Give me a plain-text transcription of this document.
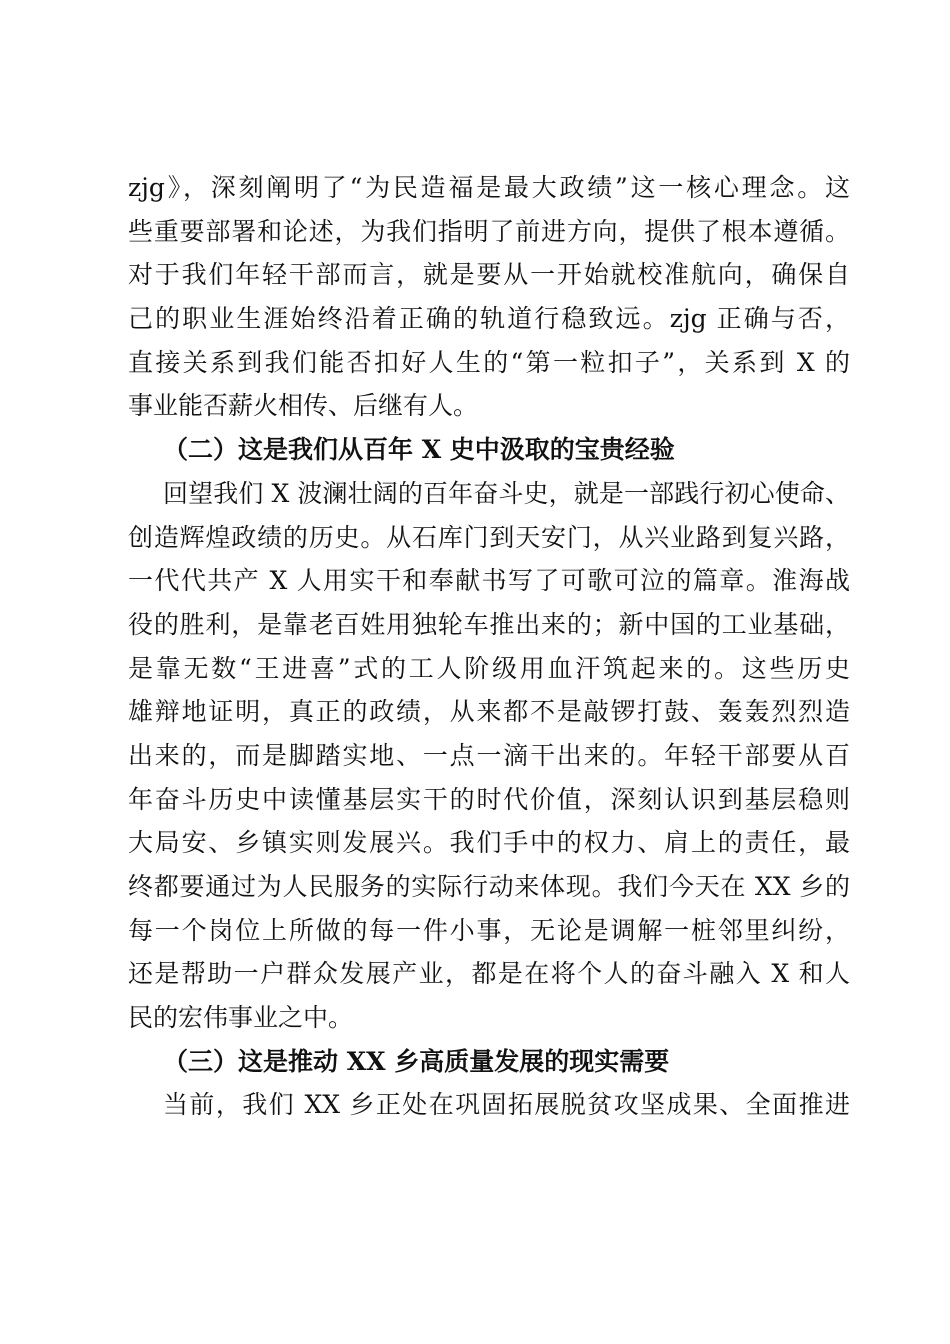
zjg》，深刻阐明了“为民造福是最大政绩”这一核心理念。这
些重要部署和论述，为我们指明了前进方向，提供了根本遵循。
对于我们年轻干部而言，就是要从一开始就校准航向，确保自
己的职业生涯始终沿着正确的轨道行稳致远。zjg 正确与否，
直接关系到我们能否扣好人生的“第一粒扣子”，关系到 X 的
事业能否薪火相传、后继有人。
（二）这是我们从百年 X 史中汲取的宝贵经验
回望我们 X 波澜壮阔的百年奋斗史，就是一部践行初心使命、
创造辉煌政绩的历史。从石库门到天安门，从兴业路到复兴路，
一代代共产 X 人用实干和奉献书写了可歌可泣的篇章。淮海战
役的胜利，是靠老百姓用独轮车推出来的；新中国的工业基础，
是靠无数“王进喜”式的工人阶级用血汗筑起来的。这些历史
雄辩地证明，真正的政绩，从来都不是敲锣打鼓、轰轰烈烈造
出来的，而是脚踏实地、一点一滴干出来的。年轻干部要从百
年奋斗历史中读懂基层实干的时代价值，深刻认识到基层稳则
大局安、乡镇实则发展兴。我们手中的权力、肩上的责任，最
终都要通过为人民服务的实际行动来体现。我们今天在 XX 乡的
每一个岗位上所做的每一件小事，无论是调解一桩邻里纠纷，
还是帮助一户群众发展产业，都是在将个人的奋斗融入 X 和人
民的宏伟事业之中。
（三）这是推动 XX 乡高质量发展的现实需要
当前，我们 XX 乡正处在巩固拓展脱贫攻坚成果、全面推进
